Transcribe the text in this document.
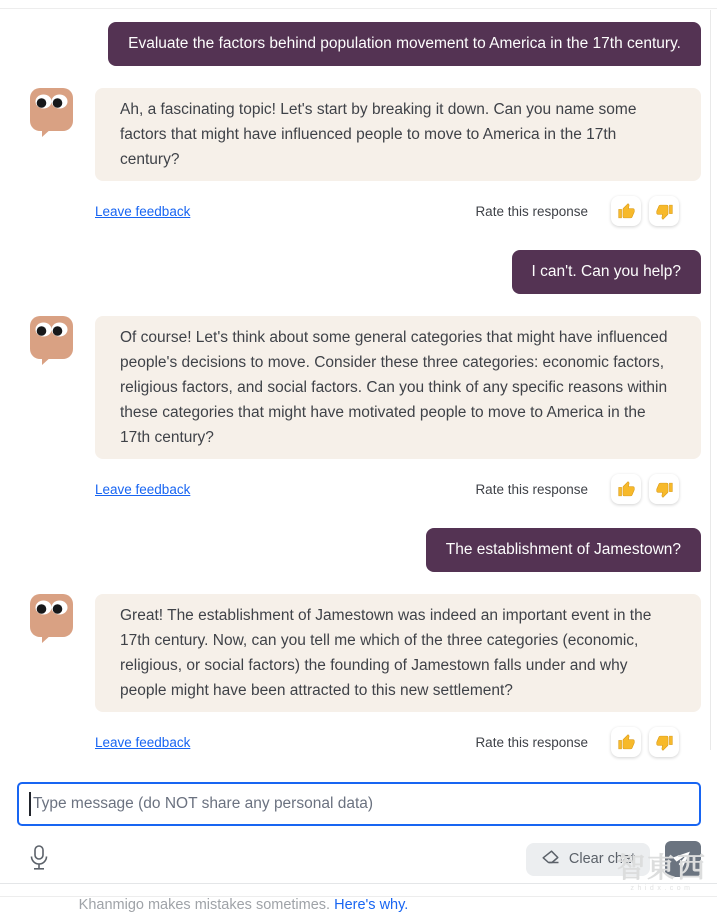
Evaluate the factors behind population movement to America in the 17th century.
Ah, a fascinating topic! Let's start by breaking it down. Can you name some factors that might have influenced people to move to America in the 17th century?
Leave feedback	Rate this response
I can't. Can you help?
Of course! Let's think about some general categories that might have influenced people's decisions to move. Consider these three categories: economic factors, religious factors, and social factors. Can you think of any specific reasons within these categories that might have motivated people to move to America in the 17th century?
Leave feedback	Rate this response
The establishment of Jamestown?
Great! The establishment of Jamestown was indeed an important event in the 17th century. Now, can you tell me which of the three categories (economic, religious, or social factors) the founding of Jamestown falls under and why people might have been attracted to this new settlement?
Leave feedback	Rate this response
Type message (do NOT share any personal data)
Clear chat
Khanmigo makes mistakes sometimes. Here's why.
智東西
zhidx.com
